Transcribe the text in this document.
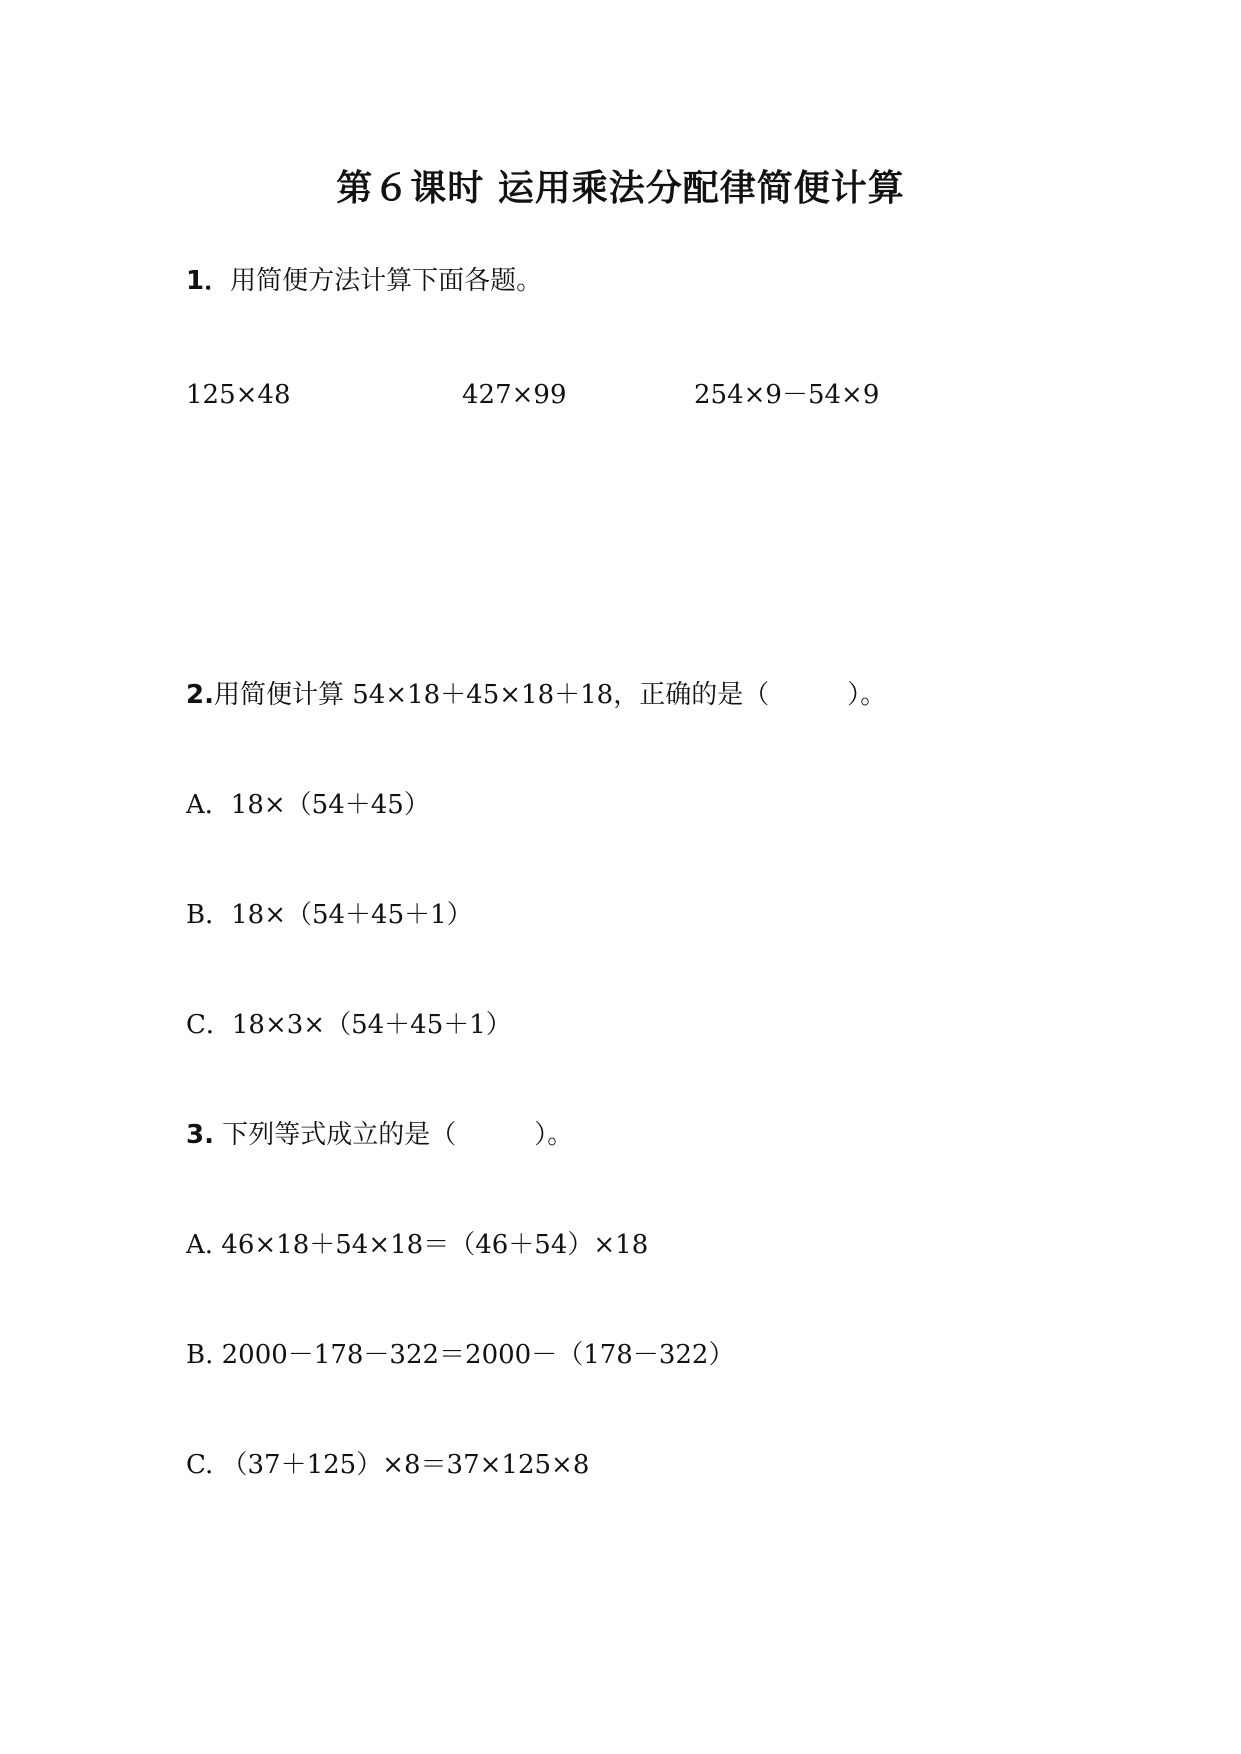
第６课时 运用乘法分配律简便计算
1．用简便方法计算下面各题。
125×48	427×99	254×9－54×9
2.用简便计算 54×18＋45×18＋18，正确的是（　　　）。
A．18×（54＋45）
B．18×（54＋45＋1）
C．18×3×（54＋45＋1）
3. 下列等式成立的是（　　　）。
A. 46×18＋54×18＝（46＋54）×18
B. 2000－178－322＝2000－（178－322）
C. （37＋125）×8＝37×125×8
